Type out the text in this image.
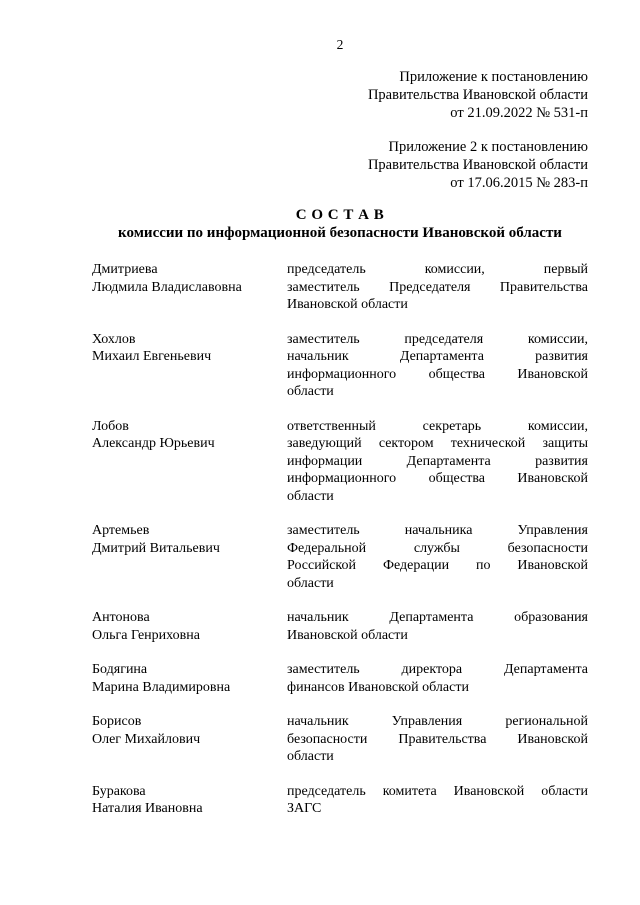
2
Приложение к постановлению
Правительства Ивановской области
от 21.09.2022 № 531-п
Приложение 2 к постановлению
Правительства Ивановской области
от 17.06.2015 № 283-п
С О С Т А В
комиссии по информационной безопасности Ивановской области
Дмитриева
Людмила Владиславовна
председатель комиссии, первый
заместитель Председателя Правительства
Ивановской области
Хохлов
Михаил Евгеньевич
заместитель председателя комиссии,
начальник Департамента развития
информационного общества Ивановской
области
Лобов
Александр Юрьевич
ответственный секретарь комиссии,
заведующий сектором технической защиты
информации Департамента развития
информационного общества Ивановской
области
Артемьев
Дмитрий Витальевич
заместитель начальника Управления
Федеральной службы безопасности
Российской Федерации по Ивановской
области
Антонова
Ольга Генриховна
начальник Департамента образования
Ивановской области
Бодягина
Марина Владимировна
заместитель директора Департамента
финансов Ивановской области
Борисов
Олег Михайлович
начальник Управления региональной
безопасности Правительства Ивановской
области
Буракова
Наталия Ивановна
председатель комитета Ивановской области
ЗАГС
